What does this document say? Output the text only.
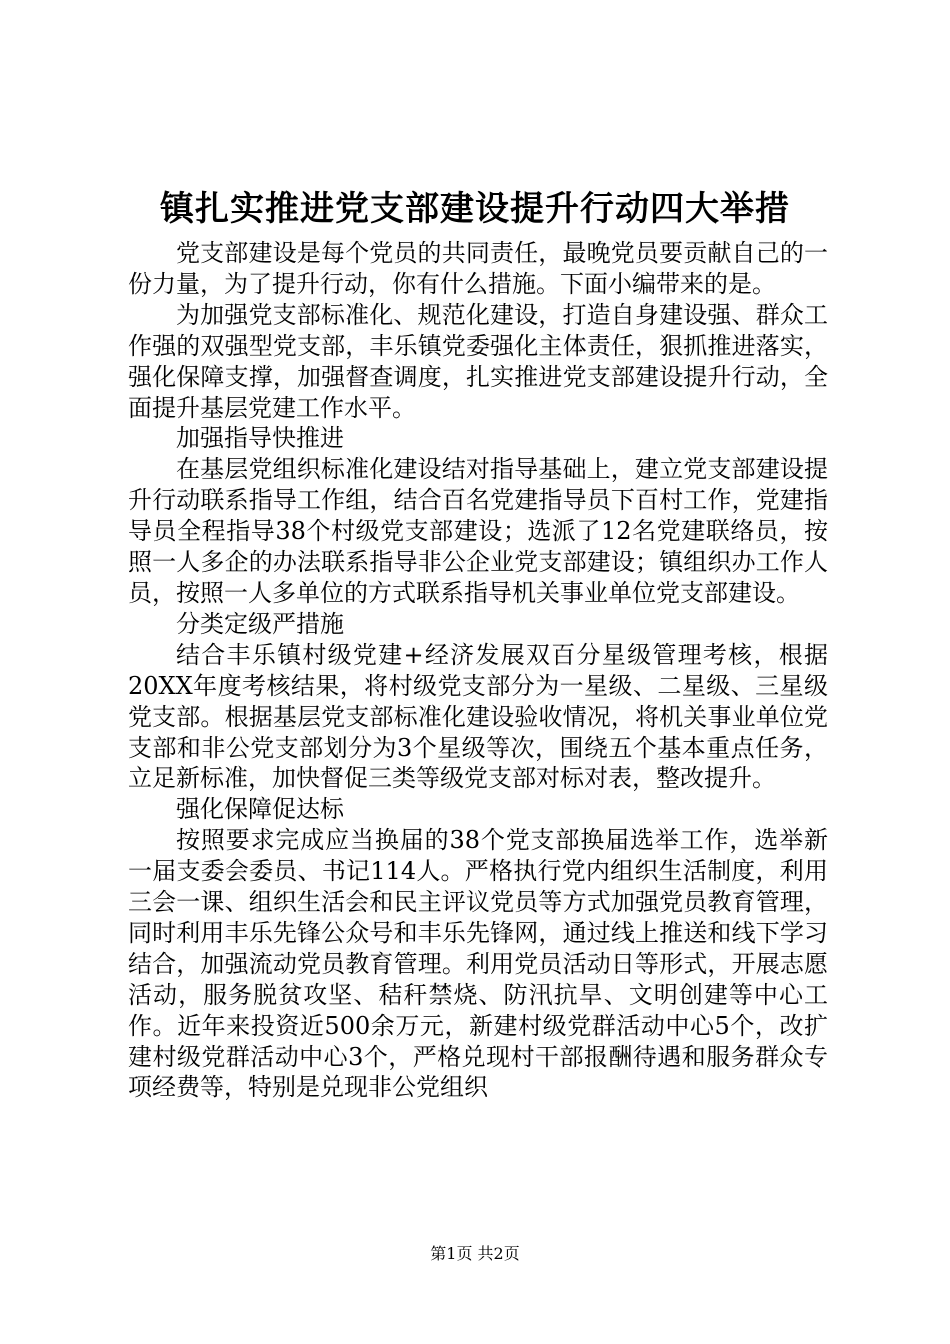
镇扎实推进党支部建设提升行动四大举措

党支部建设是每个党员的共同责任，最晚党员要贡献自己的一份力量，为了提升行动，你有什么措施。下面小编带来的是。

为加强党支部标准化、规范化建设，打造自身建设强、群众工作强的双强型党支部，丰乐镇党委强化主体责任，狠抓推进落实，强化保障支撑，加强督查调度，扎实推进党支部建设提升行动，全面提升基层党建工作水平。

加强指导快推进

在基层党组织标准化建设结对指导基础上，建立党支部建设提升行动联系指导工作组，结合百名党建指导员下百村工作，党建指导员全程指导38个村级党支部建设；选派了12名党建联络员，按照一人多企的办法联系指导非公企业党支部建设；镇组织办工作人员，按照一人多单位的方式联系指导机关事业单位党支部建设。

分类定级严措施

结合丰乐镇村级党建+经济发展双百分星级管理考核，根据20XX年度考核结果，将村级党支部分为一星级、二星级、三星级党支部。根据基层党支部标准化建设验收情况，将机关事业单位党支部和非公党支部划分为3个星级等次，围绕五个基本重点任务，立足新标准，加快督促三类等级党支部对标对表，整改提升。

强化保障促达标

按照要求完成应当换届的38个党支部换届选举工作，选举新一届支委会委员、书记114人。严格执行党内组织生活制度，利用三会一课、组织生活会和民主评议党员等方式加强党员教育管理，同时利用丰乐先锋公众号和丰乐先锋网，通过线上推送和线下学习结合，加强流动党员教育管理。利用党员活动日等形式，开展志愿活动，服务脱贫攻坚、秸秆禁烧、防汛抗旱、文明创建等中心工作。近年来投资近500余万元，新建村级党群活动中心5个，改扩建村级党群活动中心3个，严格兑现村干部报酬待遇和服务群众专项经费等，特别是兑现非公党组织

第1页 共2页
